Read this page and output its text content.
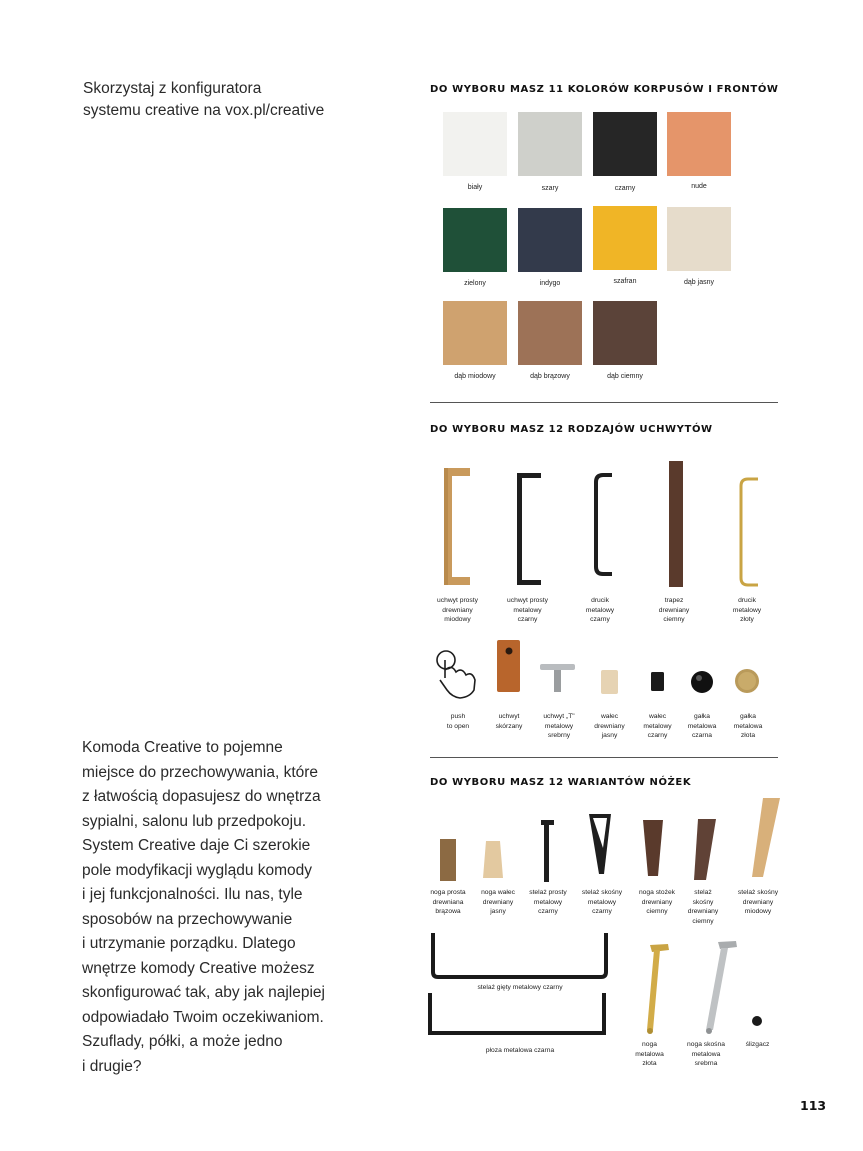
Skorzystaj z konfiguratora
systemu creative na vox.pl/creative
DO WYBORU MASZ 11 KOLORÓW KORPUSÓW I FRONTÓW
biały	szary	czarny	nude
zielony	indygo	szafran	dąb jasny
dąb miodowy	dąb brązowy	dąb ciemny
DO WYBORU MASZ 12 RODZAJÓW UCHWYTÓW
uchwyt prosty
drewniany
miodowy
uchwyt prosty
metalowy
czarny
drucik
metalowy
czarny
trapez
drewniany
ciemny
drucik
metalowy
złoty
push
to open
uchwyt
skórzany
uchwyt „T"
metalowy
srebrny
wałec
drewniany
jasny
wałec
metalowy
czarny
gałka
metalowa
czarna
gałka
metalowa
złota
DO WYBORU MASZ 12 WARIANTÓW NÓŻEK
noga prosta
drewniana
brązowa
noga wałec
drewniany
jasny
stelaż prosty
metalowy
czarny
stelaż skośny
metalowy
czarny
noga stożek
drewniany
ciemny
stelaż
skośny
drewniany
ciemny
stelaż skośny
drewniany
miodowy
stelaż gięty metalowy czarny
płoza metalowa czarna
noga
metalowa
złota
noga skośna
metalowa
srebrna
ślizgacz
Komoda Creative to pojemne
miejsce do przechowywania, które
z łatwością dopasujesz do wnętrza
sypialni, salonu lub przedpokoju.
System Creative daje Ci szerokie
pole modyfikacji wyglądu komody
i jej funkcjonalności. Ilu nas, tyle
sposobów na przechowywanie
i utrzymanie porządku. Dlatego
wnętrze komody Creative możesz
skonfigurować tak, aby jak najlepiej
odpowiadało Twoim oczekiwaniom.
Szuflady, półki, a może jedno
i drugie?
113
